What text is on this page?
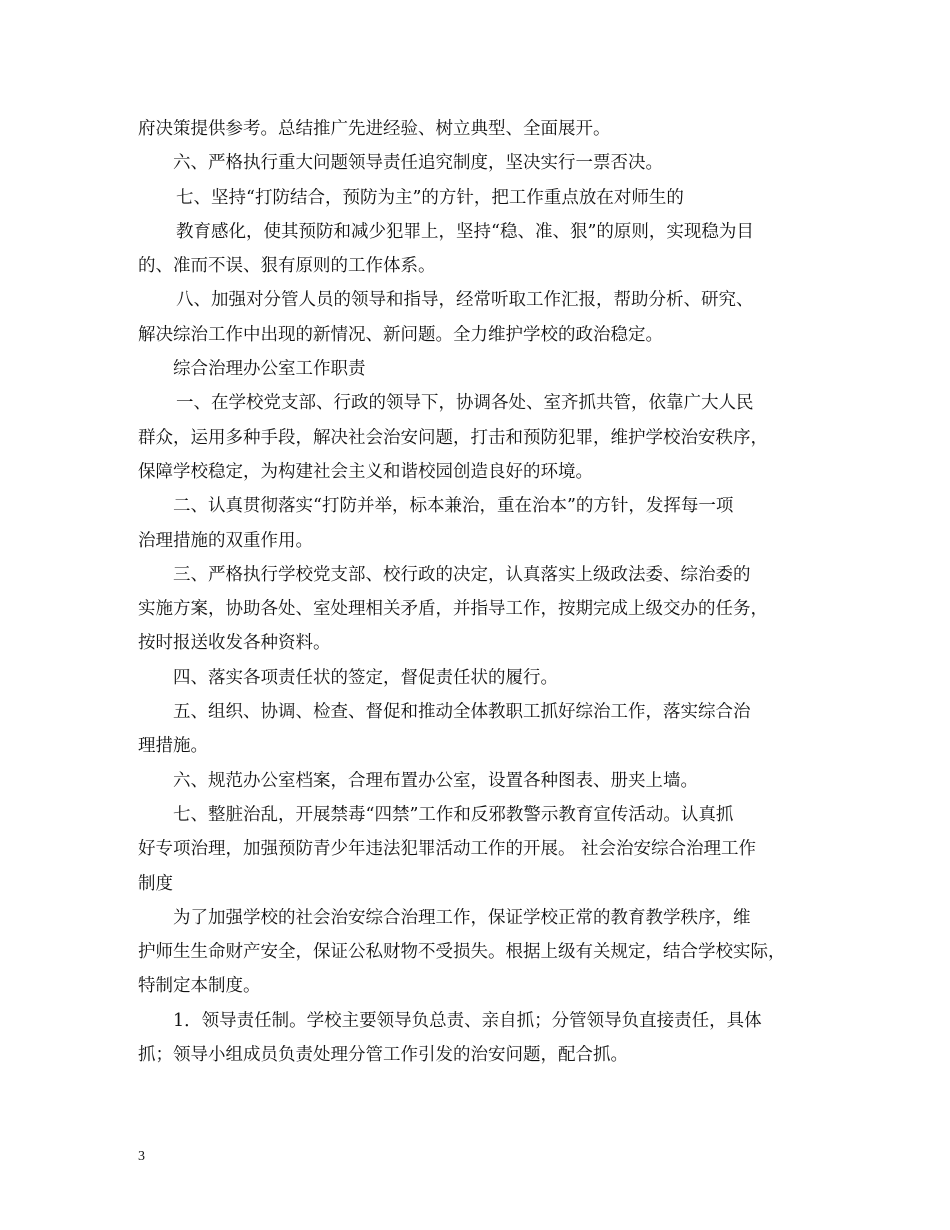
府决策提供参考。总结推广先进经验、树立典型、全面展开。
六、严格执行重大问题领导责任追究制度，坚决实行一票否决。
七、坚持“打防结合，预防为主”的方针，把工作重点放在对师生的
教育感化，使其预防和减少犯罪上，坚持“稳、准、狠”的原则，实现稳为目
的、准而不误、狠有原则的工作体系。
八、加强对分管人员的领导和指导，经常听取工作汇报，帮助分析、研究、
解决综治工作中出现的新情况、新问题。全力维护学校的政治稳定。
综合治理办公室工作职责
一、在学校党支部、行政的领导下，协调各处、室齐抓共管，依靠广大人民
群众，运用多种手段，解决社会治安问题，打击和预防犯罪，维护学校治安秩序，
保障学校稳定，为构建社会主义和谐校园创造良好的环境。
二、认真贯彻落实“打防并举，标本兼治，重在治本”的方针，发挥每一项
治理措施的双重作用。
三、严格执行学校党支部、校行政的决定，认真落实上级政法委、综治委的
实施方案，协助各处、室处理相关矛盾，并指导工作，按期完成上级交办的任务，
按时报送收发各种资料。
四、落实各项责任状的签定，督促责任状的履行。
五、组织、协调、检查、督促和推动全体教职工抓好综治工作，落实综合治
理措施。
六、规范办公室档案，合理布置办公室，设置各种图表、册夹上墙。
七、整脏治乱，开展禁毒“四禁”工作和反邪教警示教育宣传活动。认真抓
好专项治理，加强预防青少年违法犯罪活动工作的开展。 社会治安综合治理工作
制度
为了加强学校的社会治安综合治理工作，保证学校正常的教育教学秩序，维
护师生生命财产安全，保证公私财物不受损失。根据上级有关规定，结合学校实际，
特制定本制度。
1．领导责任制。学校主要领导负总责、亲自抓；分管领导负直接责任，具体
抓；领导小组成员负责处理分管工作引发的治安问题，配合抓。
3
